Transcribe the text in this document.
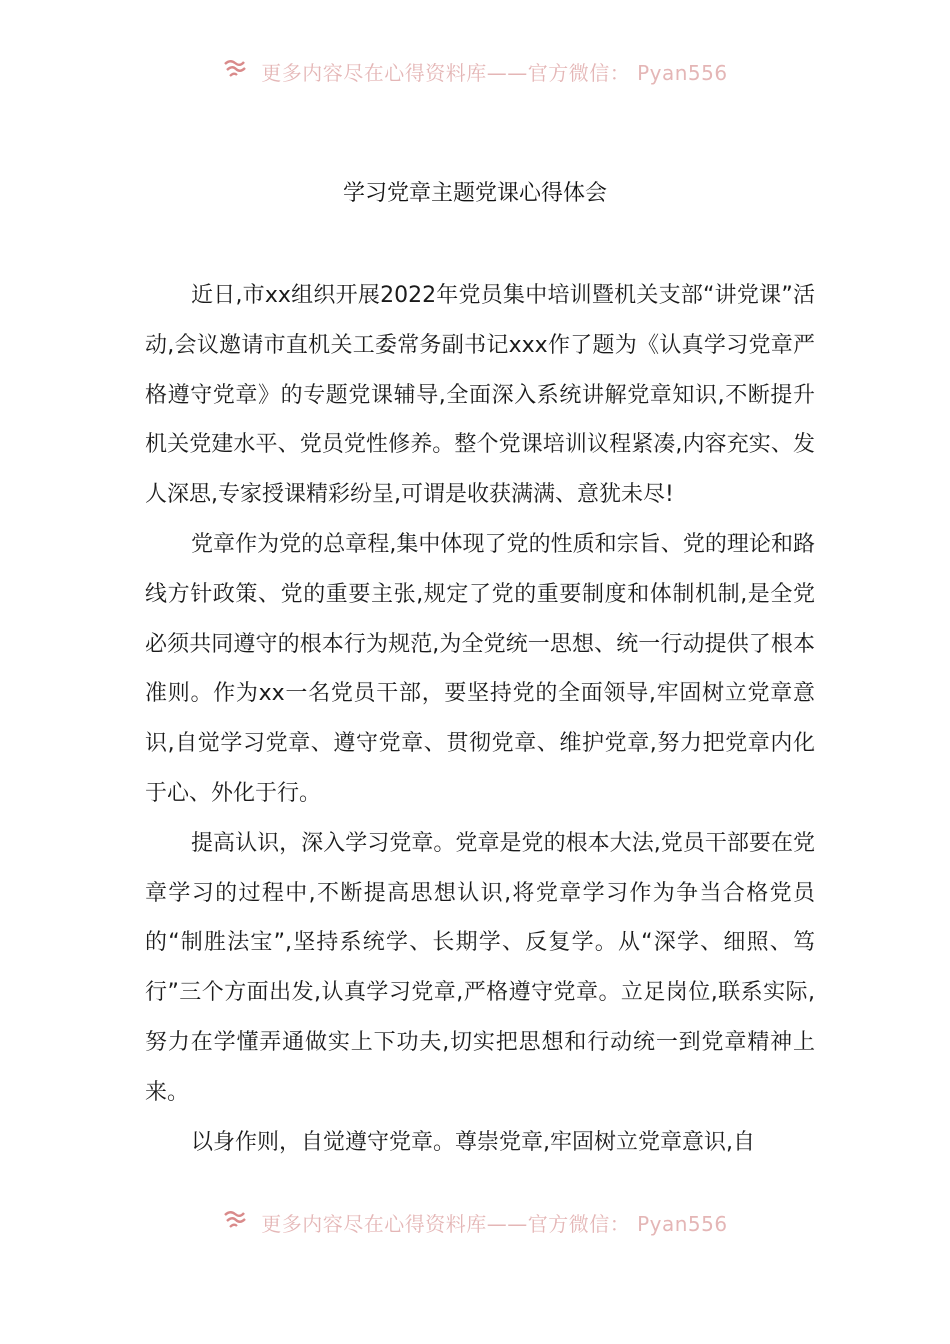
更多内容尽在心得资料库——官方微信： Pyan556
学习党章主题党课心得体会

近日,市xx组织开展2022年党员集中培训暨机关支部“讲党课”活动,会议邀请市直机关工委常务副书记xxx作了题为《认真学习党章严格遵守党章》的专题党课辅导,全面深入系统讲解党章知识,不断提升机关党建水平、党员党性修养。整个党课培训议程紧凑,内容充实、发人深思,专家授课精彩纷呈,可谓是收获满满、意犹未尽!

党章作为党的总章程,集中体现了党的性质和宗旨、党的理论和路线方针政策、党的重要主张,规定了党的重要制度和体制机制,是全党必须共同遵守的根本行为规范,为全党统一思想、统一行动提供了根本准则。作为xx一名党员干部，要坚持党的全面领导,牢固树立党章意识,自觉学习党章、遵守党章、贯彻党章、维护党章,努力把党章内化于心、外化于行。

提高认识，深入学习党章。党章是党的根本大法,党员干部要在党章学习的过程中,不断提高思想认识,将党章学习作为争当合格党员的“制胜法宝”,坚持系统学、长期学、反复学。从“深学、细照、笃行”三个方面出发,认真学习党章,严格遵守党章。立足岗位,联系实际,努力在学懂弄通做实上下功夫,切实把思想和行动统一到党章精神上来。

以身作则，自觉遵守党章。尊崇党章,牢固树立党章意识,自

更多内容尽在心得资料库——官方微信： Pyan556
